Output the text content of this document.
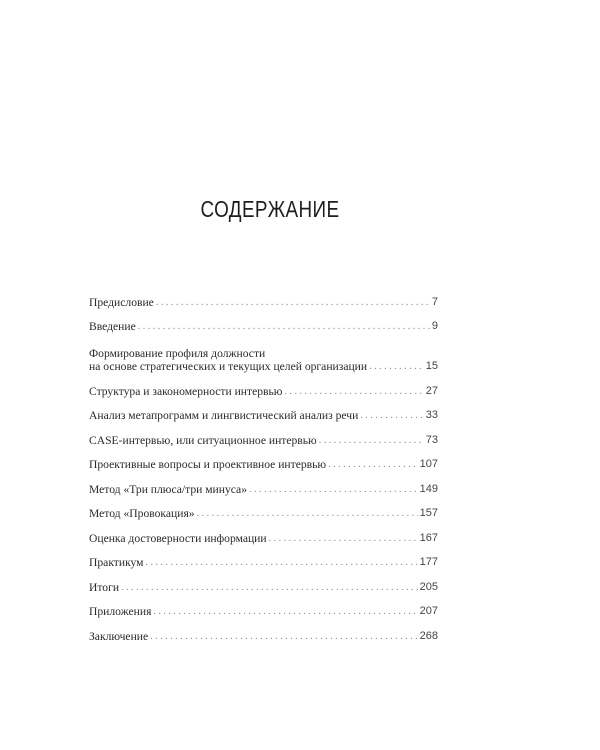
СОДЕРЖАНИЕ
Предисловие . . .	7
Введение . . .	9
Формирование профиля должности
на основе стратегических и текущих целей организации . . .	15
Структура и закономерности интервью . . .	27
Анализ метапрограмм и лингвистический анализ речи . . .	33
CASE-интервью, или ситуационное интервью . . .	73
Проективные вопросы и проективное интервью . . .	107
Метод «Три плюса/три минуса» . . .	149
Метод «Провокация» . . .	157
Оценка достоверности информации . . .	167
Практикум . . .	177
Итоги . . .	205
Приложения . . .	207
Заключение . . .	268
